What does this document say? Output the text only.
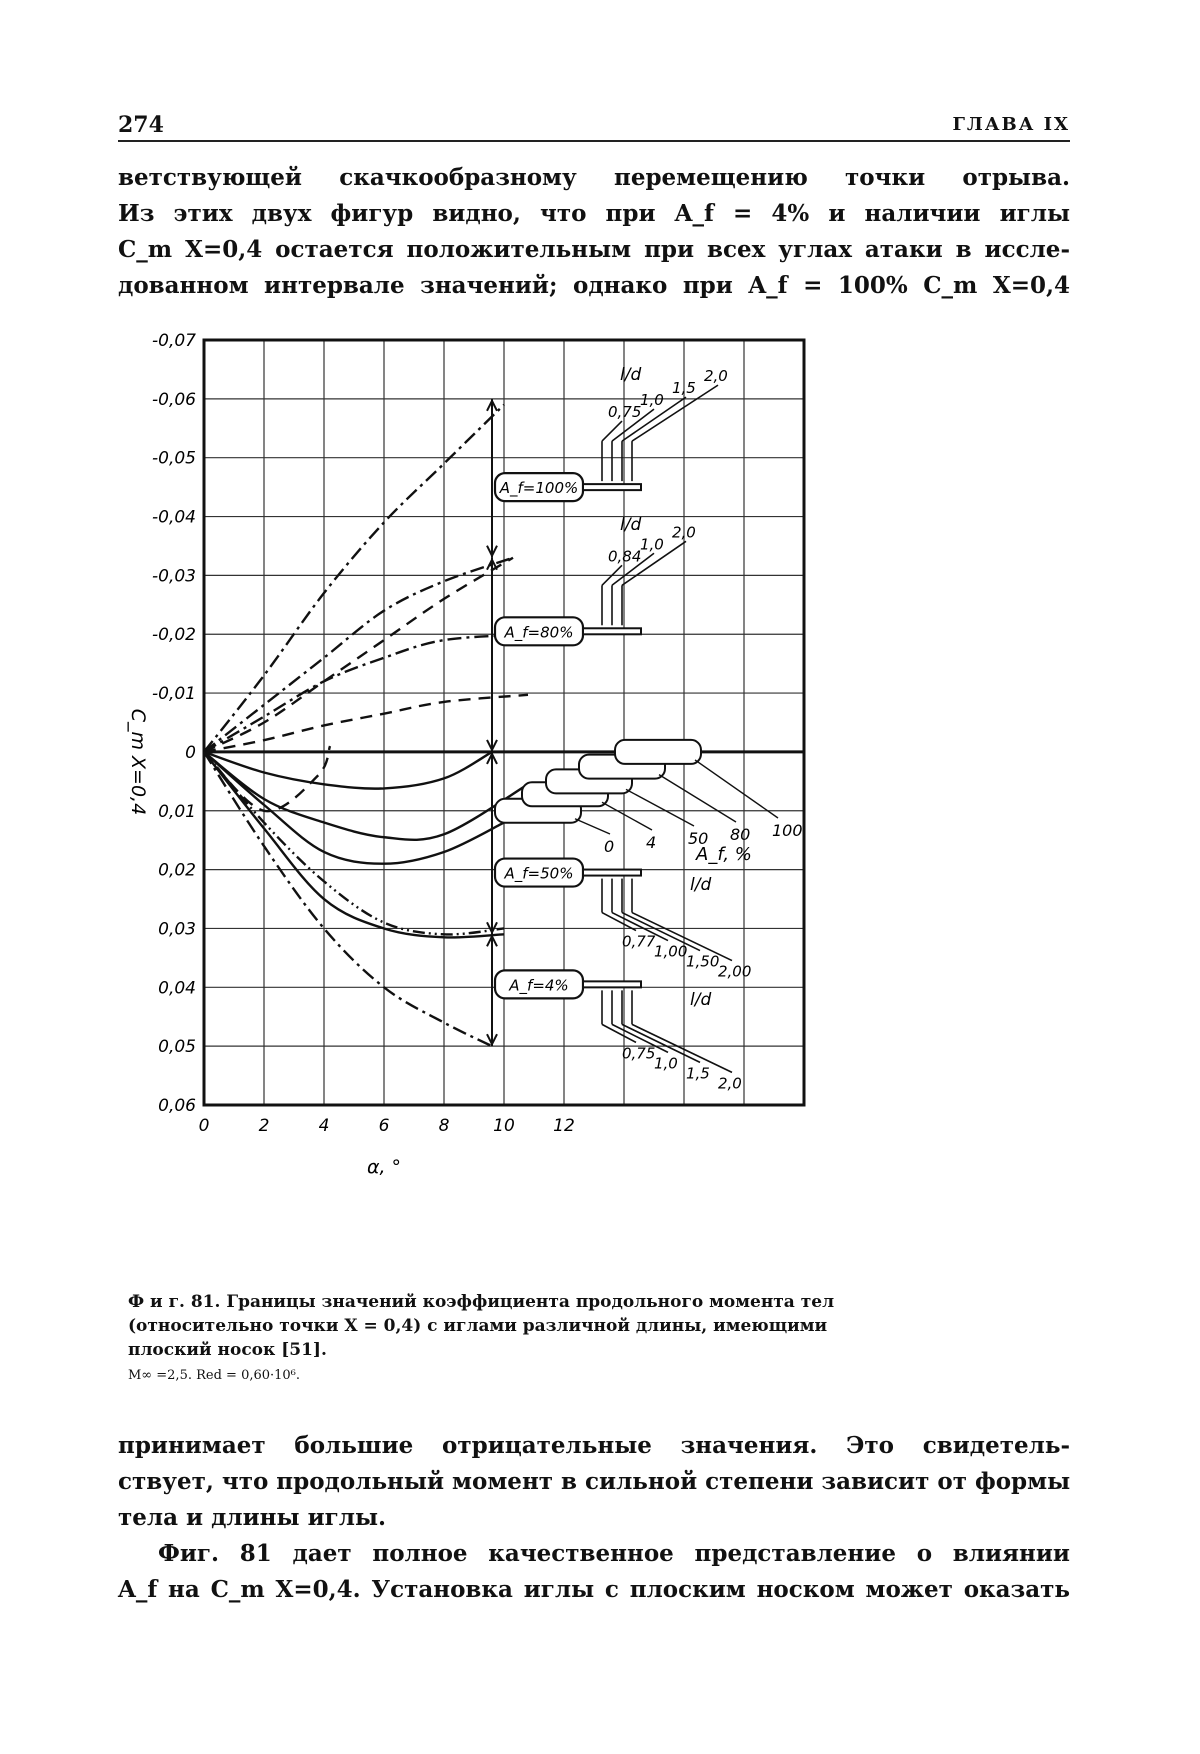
274	ГЛАВА IX
ветствующей скачкообразному перемещению точки отрыва.
Из этих двух фигур видно, что при A_f = 4% и наличии иглы
C_m X=0,4 остается положительным при всех углах атаки в иссле-
дованном интервале значений; однако при A_f = 100% C_m X=0,4
-0,07
-0,06
-0,05
-0,04
-0,03
-0,02
-0,01
0
0,01
0,02
0,03
0,04
0,05
0,06
0	2	4	6	8	10 12
α, °
C_m X=0,4
A_f=100%
A_f=80%
A_f=50%
A_f=4%
l/d
0,75
1,0
1,5
2,0
l/d
0,84
1,0
2,0
l/d
0,77
1,00
1,50
2,00
l/d
0,75
1,0
1,5
2,0
0 4 50 80 100
A_f, %
Ф и г. 81. Границы значений коэффициента продольного момента тел (относительно точки X = 0,4) с иглами различной длины, имеющими плоский носок [51].
M∞ =2,5. Red = 0,60·10⁶.
принимает большие отрицательные значения. Это свидетель-
ствует, что продольный момент в сильной степени зависит от формы
тела и длины иглы.
Фиг. 81 дает полное качественное представление о влиянии
A_f на C_m X=0,4. Установка иглы с плоским носком может оказать
